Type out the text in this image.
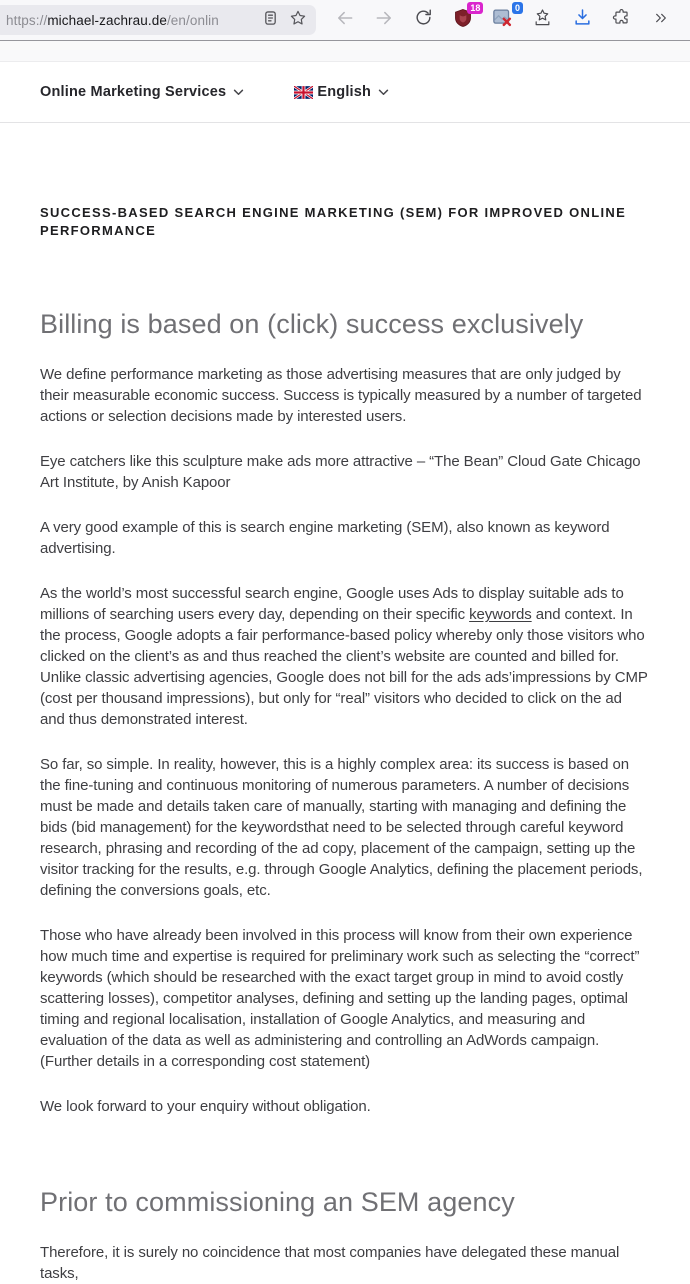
https://michael-zachrau.de/en/onlin
18	0
Online Marketing Services	English
SUCCESS-BASED SEARCH ENGINE MARKETING (SEM) FOR IMPROVED ONLINE PERFORMANCE
Billing is based on (click) success exclusively

We define performance marketing as those advertising measures that are only judged by their measurable economic success. Success is typically measured by a number of targeted actions or selection decisions made by interested users.

Eye catchers like this sculpture make ads more attractive – “The Bean” Cloud Gate Chicago Art Institute, by Anish Kapoor

A very good example of this is search engine marketing (SEM), also known as keyword advertising.

As the world’s most successful search engine, Google uses Ads to display suitable ads to millions of searching users every day, depending on their specific keywords and context. In the process, Google adopts a fair performance-based policy whereby only those visitors who clicked on the client’s as and thus reached the client’s website are counted and billed for. Unlike classic advertising agencies, Google does not bill for the ads ads’impressions by CMP (cost per thousand impressions), but only for “real” visitors who decided to click on the ad and thus demonstrated interest.

So far, so simple. In reality, however, this is a highly complex area: its success is based on the fine-tuning and continuous monitoring of numerous parameters. A number of decisions must be made and details taken care of manually, starting with managing and defining the bids (bid management) for the keywordsthat need to be selected through careful keyword research, phrasing and recording of the ad copy, placement of the campaign, setting up the visitor tracking for the results, e.g. through Google Analytics, defining the placement periods, defining the conversions goals, etc.

Those who have already been involved in this process will know from their own experience how much time and expertise is required for preliminary work such as selecting the “correct” keywords (which should be researched with the exact target group in mind to avoid costly scattering losses), competitor analyses, defining and setting up the landing pages, optimal timing and regional localisation, installation of Google Analytics, and measuring and evaluation of the data as well as administering and controlling an AdWords campaign. (Further details in a corresponding cost statement)

We look forward to your enquiry without obligation.

Prior to commissioning an SEM agency

Therefore, it is surely no coincidence that most companies have delegated these manual tasks,
